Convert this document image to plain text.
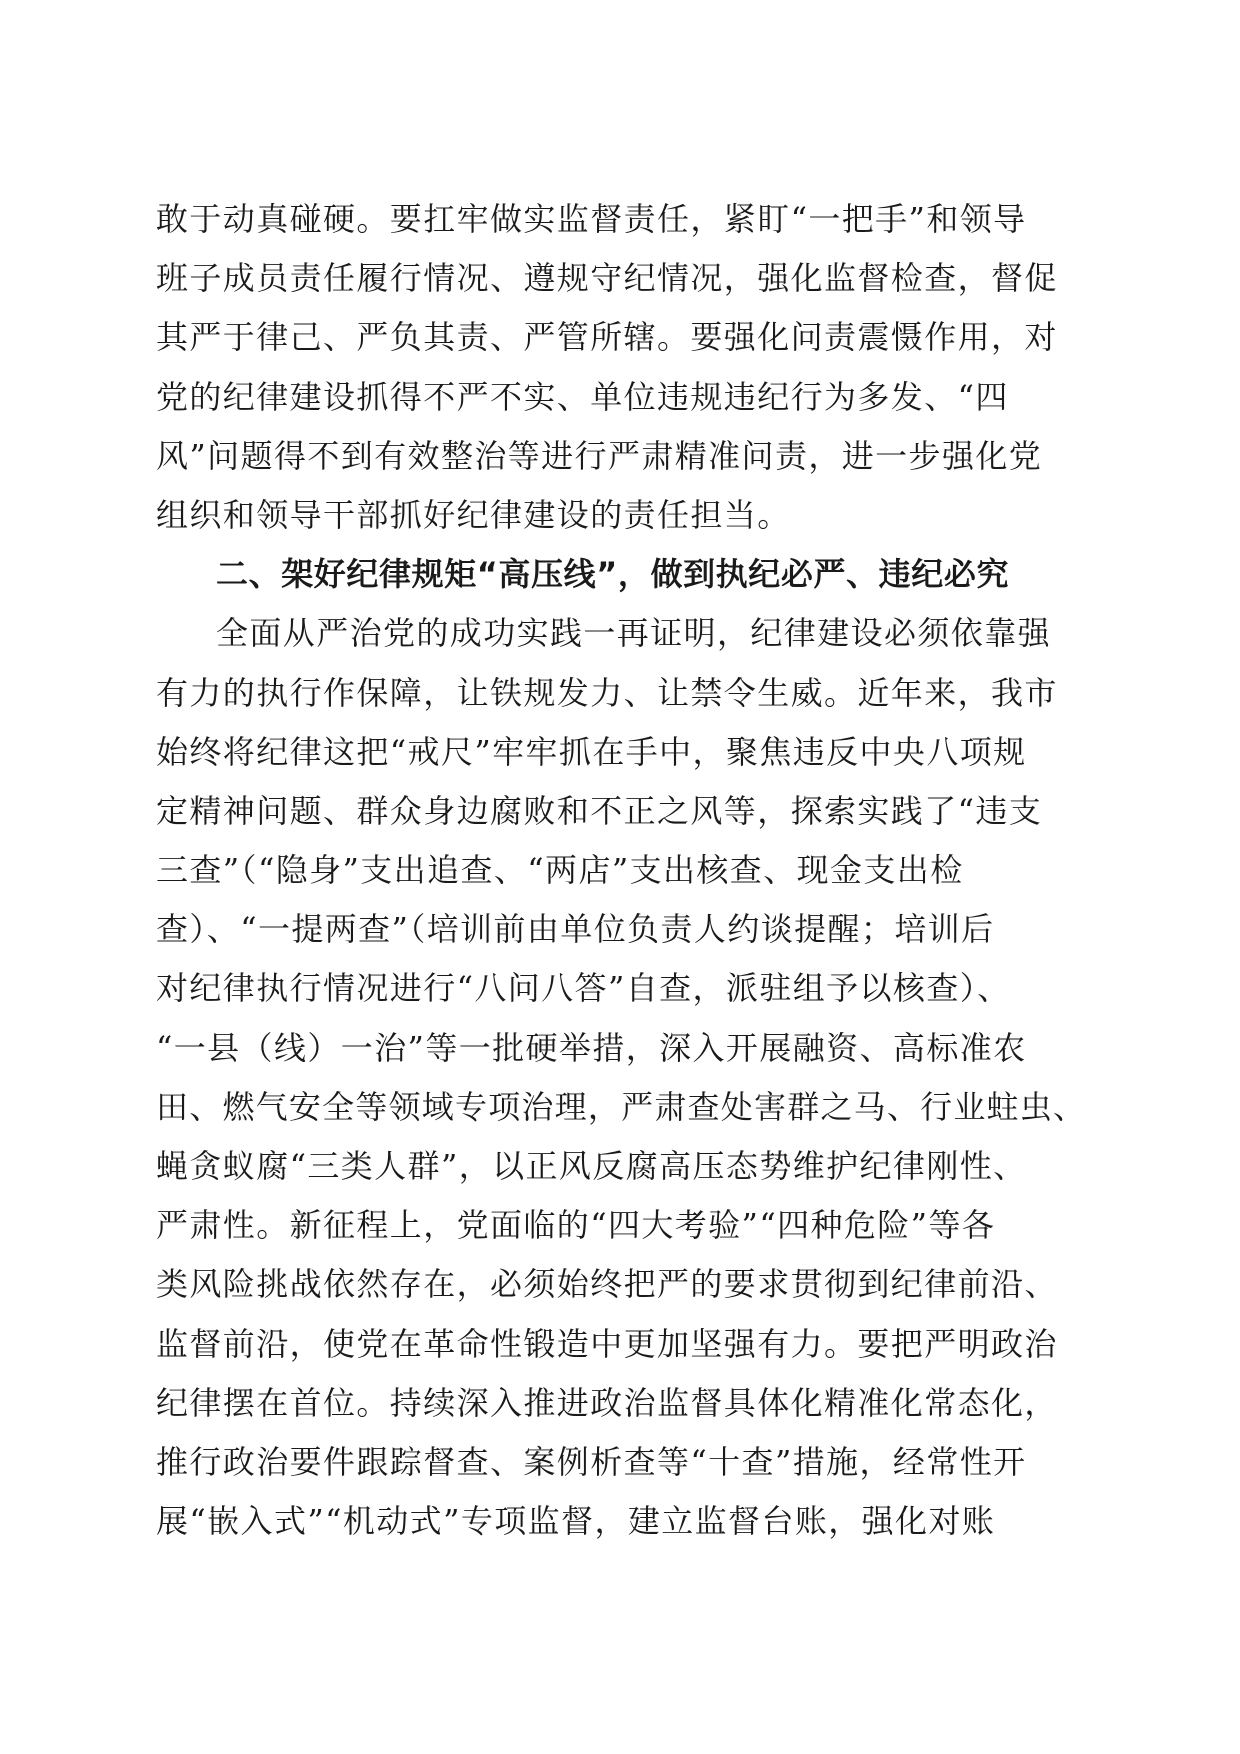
敢于动真碰硬。要扛牢做实监督责任，紧盯“一把手”和领导
班子成员责任履行情况、遵规守纪情况，强化监督检查，督促
其严于律己、严负其责、严管所辖。要强化问责震慑作用，对
党的纪律建设抓得不严不实、单位违规违纪行为多发、“四
风”问题得不到有效整治等进行严肃精准问责，进一步强化党
组织和领导干部抓好纪律建设的责任担当。
二、架好纪律规矩“高压线”，做到执纪必严、违纪必究
全面从严治党的成功实践一再证明，纪律建设必须依靠强
有力的执行作保障，让铁规发力、让禁令生威。近年来，我市
始终将纪律这把“戒尺”牢牢抓在手中，聚焦违反中央八项规
定精神问题、群众身边腐败和不正之风等，探索实践了“违支
三查”（“隐身”支出追查、“两店”支出核查、现金支出检
查）、“一提两查”（培训前由单位负责人约谈提醒；培训后
对纪律执行情况进行“八问八答”自查，派驻组予以核查）、
“一县（线）一治”等一批硬举措，深入开展融资、高标准农
田、燃气安全等领域专项治理，严肃查处害群之马、行业蛀虫、
蝇贪蚁腐“三类人群”，以正风反腐高压态势维护纪律刚性、
严肃性。新征程上，党面临的“四大考验”“四种危险”等各
类风险挑战依然存在，必须始终把严的要求贯彻到纪律前沿、
监督前沿，使党在革命性锻造中更加坚强有力。要把严明政治
纪律摆在首位。持续深入推进政治监督具体化精准化常态化，
推行政治要件跟踪督查、案例析查等“十查”措施，经常性开
展“嵌入式”“机动式”专项监督，建立监督台账，强化对账
